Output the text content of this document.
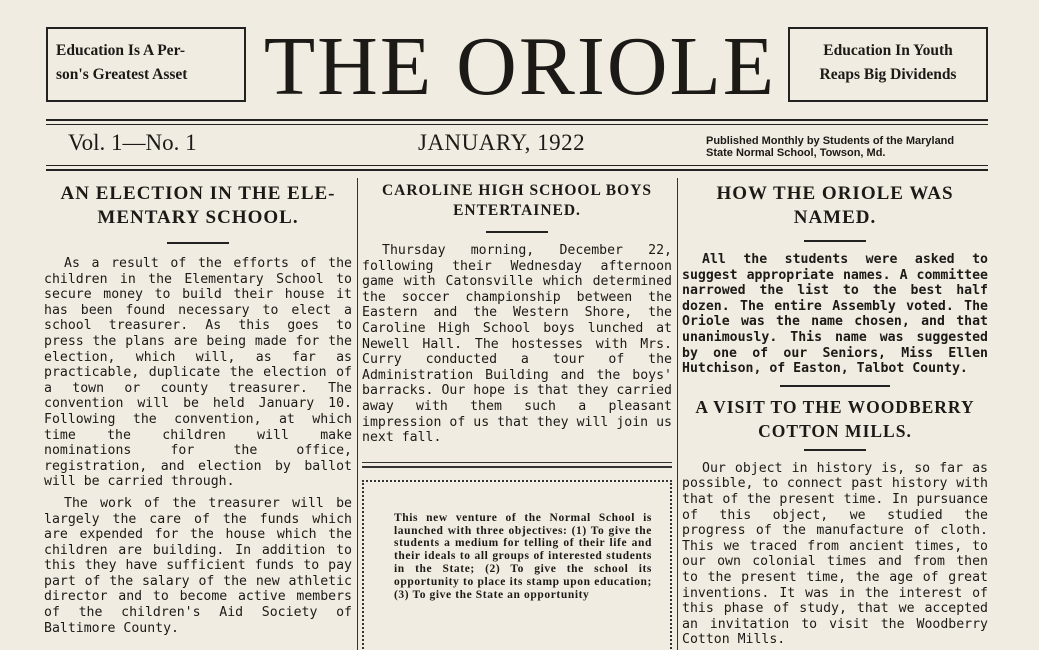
Education Is A Per-
son's Greatest Asset
Education In Youth
Reaps Big Dividends
THE ORIOLE
Vol. 1—No. 1	JANUARY, 1922	Published Monthly by Students of the Maryland
State Normal School, Towson, Md.
AN ELECTION IN THE ELE-
MENTARY SCHOOL.
As a result of the efforts of the children in the Elementary School to secure money to build their house it has been found necessary to elect a school treasurer. As this goes to press the plans are being made for the election, which will, as far as practicable, duplicate the election of a town or county treasurer. The convention will be held January 10. Following the convention, at which time the children will make nominations for the office, registration, and election by ballot will be carried through.
The work of the treasurer will be largely the care of the funds which are expended for the house which the children are building. In addition to this they have sufficient funds to pay part of the salary of the new athletic director and to become active members of the children's Aid Society of Baltimore County.
CAROLINE HIGH SCHOOL BOYS
ENTERTAINED.
Thursday morning, December 22, following their Wednesday afternoon game with Catonsville which determined the soccer championship between the Eastern and the Western Shore, the Caroline High School boys lunched at Newell Hall. The hostesses with Mrs. Curry conducted a tour of the Administration Building and the boys' barracks. Our hope is that they carried away with them such a pleasant impression of us that they will join us next fall.
This new venture of the Normal School is launched with three objectives: (1) To give the students a medium for telling of their life and their ideals to all groups of interested students in the State; (2) To give the school its opportunity to place its stamp upon education; (3) To give the State an opportunity
HOW THE ORIOLE WAS
NAMED.
All the students were asked to suggest appropriate names. A committee narrowed the list to the best half dozen. The entire Assembly voted. The Oriole was the name chosen, and that unanimously. This name was suggested by one of our Seniors, Miss Ellen Hutchison, of Easton, Talbot County.
A VISIT TO THE WOODBERRY
COTTON MILLS.
Our object in history is, so far as possible, to connect past history with that of the present time. In pursuance of this object, we studied the progress of the manufacture of cloth. This we traced from ancient times, to our own colonial times and from then to the present time, the age of great inventions. It was in the interest of this phase of study, that we accepted an invitation to visit the Woodberry Cotton Mills.
